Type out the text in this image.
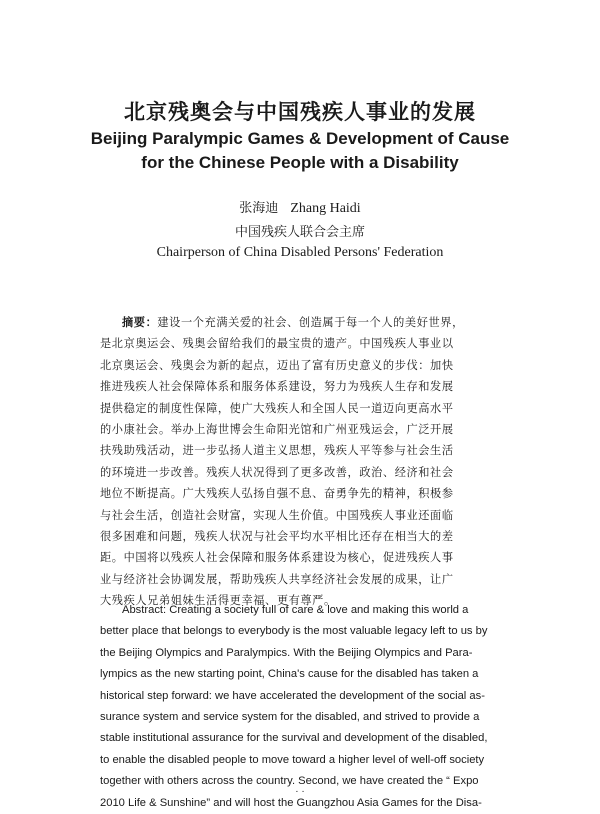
北京残奥会与中国残疾人事业的发展
Beijing Paralympic Games & Development of Cause
for the Chinese People with a Disability
张海迪 Zhang Haidi
中国残疾人联合会主席
Chairperson of China Disabled Persons' Federation
摘要：建设一个充满关爱的社会、创造属于每一个人的美好世界，
是北京奥运会、残奥会留给我们的最宝贵的遗产。中国残疾人事业以
北京奥运会、残奥会为新的起点，迈出了富有历史意义的步伐：加快
推进残疾人社会保障体系和服务体系建设，努力为残疾人生存和发展
提供稳定的制度性保障，使广大残疾人和全国人民一道迈向更高水平
的小康社会。举办上海世博会生命阳光馆和广州亚残运会，广泛开展
扶残助残活动，进一步弘扬人道主义思想，残疾人平等参与社会生活
的环境进一步改善。残疾人状况得到了更多改善，政治、经济和社会
地位不断提高。广大残疾人弘扬自强不息、奋勇争先的精神，积极参
与社会生活，创造社会财富，实现人生价值。中国残疾人事业还面临
很多困难和问题，残疾人状况与社会平均水平相比还存在相当大的差
距。中国将以残疾人社会保障和服务体系建设为核心，促进残疾人事
业与经济社会协调发展，帮助残疾人共享经济社会发展的成果，让广
大残疾人兄弟姐妹生活得更幸福、更有尊严。
Abstract: Creating a society full of care & love and making this world a
better place that belongs to everybody is the most valuable legacy left to us by
the Beijing Olympics and Paralympics. With the Beijing Olympics and Para-
lympics as the new starting point, China's cause for the disabled has taken a
historical step forward: we have accelerated the development of the social as-
surance system and service system for the disabled, and strived to provide a
stable institutional assurance for the survival and development of the disabled,
to enable the disabled people to move toward a higher level of well-off society
together with others across the country. Second, we have created the “ Expo
2010 Life & Sunshine” and will host the Guangzhou Asia Games for the Disa-
· ·
